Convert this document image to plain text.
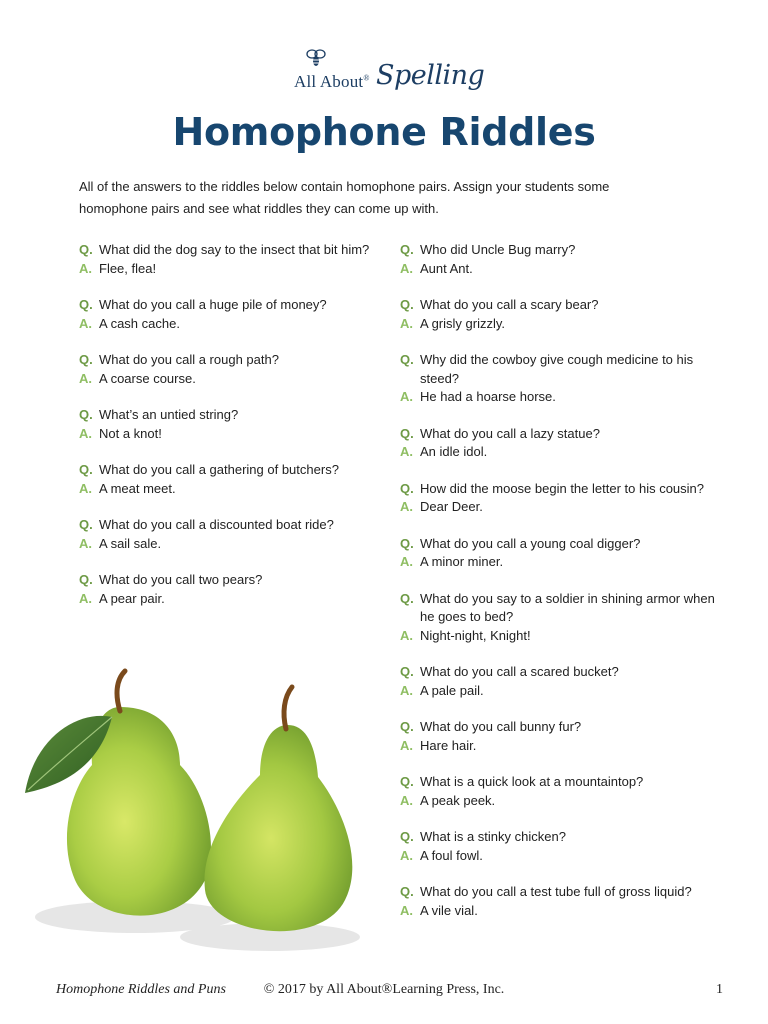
All About® Spelling
Homophone Riddles

All of the answers to the riddles below contain homophone pairs. Assign your students some homophone pairs and see what riddles they can come up with.

Q. What did the dog say to the insect that bit him?
A. Flee, flea!
Q. What do you call a huge pile of money?
A. A cash cache.
Q. What do you call a rough path?
A. A coarse course.
Q. What’s an untied string?
A. Not a knot!
Q. What do you call a gathering of butchers?
A. A meat meet.
Q. What do you call a discounted boat ride?
A. A sail sale.
Q. What do you call two pears?
A. A pear pair.
Q. Who did Uncle Bug marry?
A. Aunt Ant.
Q. What do you call a scary bear?
A. A grisly grizzly.
Q. Why did the cowboy give cough medicine to his steed?
A. He had a hoarse horse.
Q. What do you call a lazy statue?
A. An idle idol.
Q. How did the moose begin the letter to his cousin?
A. Dear Deer.
Q. What do you call a young coal digger?
A. A minor miner.
Q. What do you say to a soldier in shining armor when he goes to bed?
A. Night-night, Knight!
Q. What do you call a scared bucket?
A. A pale pail.
Q. What do you call bunny fur?
A. Hare hair.
Q. What is a quick look at a mountaintop?
A. A peak peek.
Q. What is a stinky chicken?
A. A foul fowl.
Q. What do you call a test tube full of gross liquid?
A. A vile vial.
Homophone Riddles and Puns	© 2017 by All About®Learning Press, Inc.	1
